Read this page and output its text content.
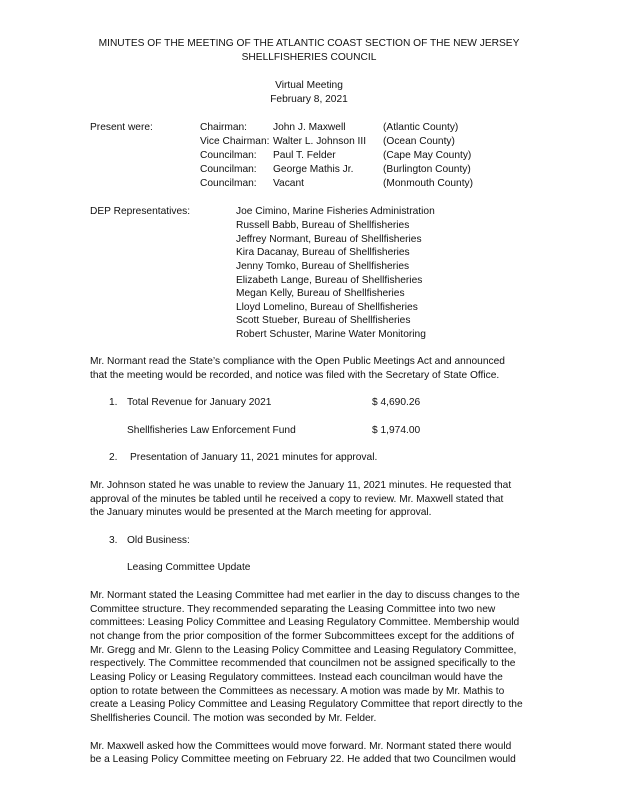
MINUTES OF THE MEETING OF THE ATLANTIC COAST SECTION OF THE NEW JERSEY
SHELLFISHERIES COUNCIL
Virtual Meeting
February 8, 2021
Present were:	Chairman:	John J. Maxwell	(Atlantic County)
Vice Chairman: Walter L. Johnson III (Ocean County)
Councilman: Paul T. Felder	(Cape May County)
Councilman: George Mathis Jr.	(Burlington County)
Councilman: Vacant	(Monmouth County)
DEP Representatives:	Joe Cimino, Marine Fisheries Administration
Russell Babb, Bureau of Shellfisheries
Jeffrey Normant, Bureau of Shellfisheries
Kira Dacanay, Bureau of Shellfisheries
Jenny Tomko, Bureau of Shellfisheries
Elizabeth Lange, Bureau of Shellfisheries
Megan Kelly, Bureau of Shellfisheries
Lloyd Lomelino, Bureau of Shellfisheries
Scott Stueber, Bureau of Shellfisheries
Robert Schuster, Marine Water Monitoring
Mr. Normant read the State’s compliance with the Open Public Meetings Act and announced
that the meeting would be recorded, and notice was filed with the Secretary of State Office.
1. Total Revenue for January 2021	$ 4,690.26
Shellfisheries Law Enforcement Fund	$ 1,974.00
2. Presentation of January 11, 2021 minutes for approval.
Mr. Johnson stated he was unable to review the January 11, 2021 minutes. He requested that
approval of the minutes be tabled until he received a copy to review. Mr. Maxwell stated that
the January minutes would be presented at the March meeting for approval.
3. Old Business:
Leasing Committee Update
Mr. Normant stated the Leasing Committee had met earlier in the day to discuss changes to the
Committee structure. They recommended separating the Leasing Committee into two new
committees: Leasing Policy Committee and Leasing Regulatory Committee. Membership would
not change from the prior composition of the former Subcommittees except for the additions of
Mr. Gregg and Mr. Glenn to the Leasing Policy Committee and Leasing Regulatory Committee,
respectively. The Committee recommended that councilmen not be assigned specifically to the
Leasing Policy or Leasing Regulatory committees. Instead each councilman would have the
option to rotate between the Committees as necessary. A motion was made by Mr. Mathis to
create a Leasing Policy Committee and Leasing Regulatory Committee that report directly to the
Shellfisheries Council. The motion was seconded by Mr. Felder.
Mr. Maxwell asked how the Committees would move forward. Mr. Normant stated there would
be a Leasing Policy Committee meeting on February 22. He added that two Councilmen would
